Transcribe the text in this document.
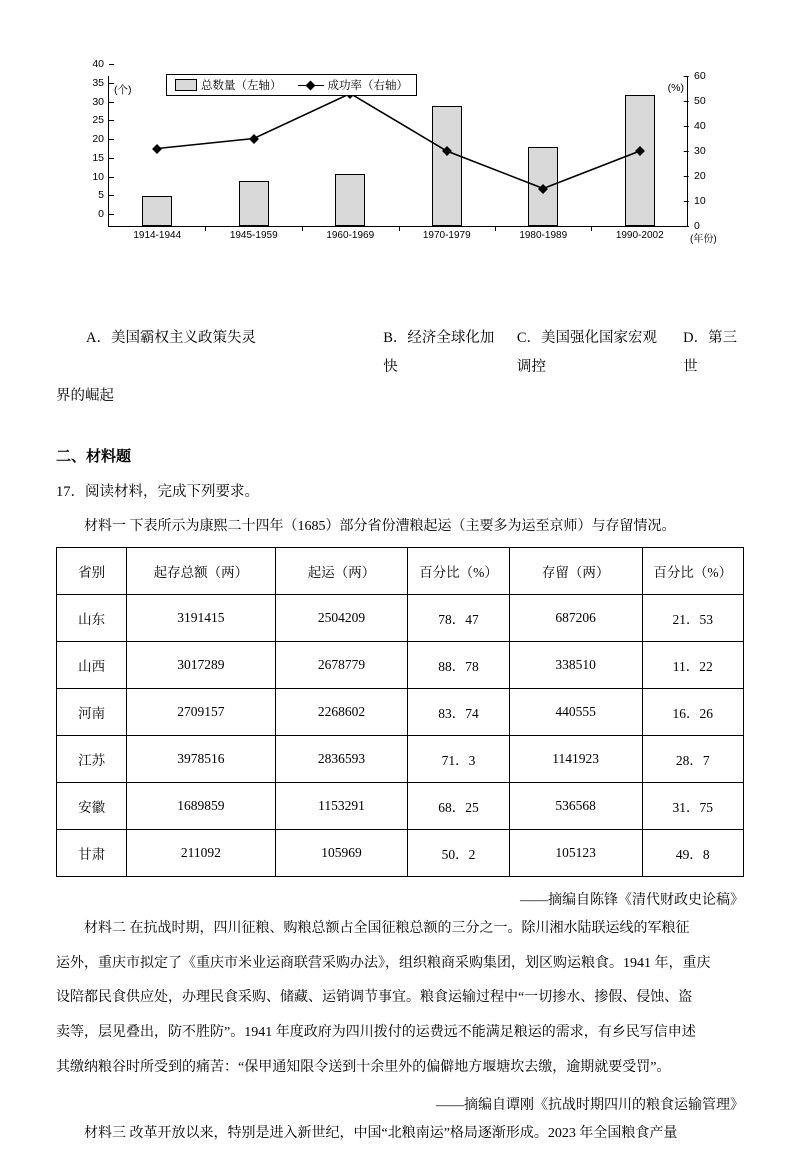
总数量（左轴）	成功率（右轴）
(个)	(%)
0
5
10
15
20
25
30
35
40
0
10
20
30
40
50
60
1914-1944	1945-1959	1960-1969	1970-1979	1980-1989	1990-2002	(年份)
A．美国霸权主义政策失灵	B．经济全球化加快
C．美国强化国家宏观调控
D．第三世
界的崛起
二、材料题
17．阅读材料，完成下列要求。
材料一 下表所示为康熙二十四年（1685）部分省份漕粮起运（主要多为运至京师）与存留情况。
省别	起存总额（两）	起运（两）	百分比（%）	存留（两）	百分比（%）
山东	3191415	2504209	78．47	687206	21．53
山西	3017289	2678779	88．78	338510	11．22
河南	2709157	2268602	83．74	440555	16．26
江苏	3978516	2836593	71．3	1141923	28．7
安徽	1689859	1153291	68．25	536568	31．75
甘肃	211092	105969	50．2	105123	49．8
——摘编自陈锋《清代财政史论稿》
材料二 在抗战时期，四川征粮、购粮总额占全国征粮总额的三分之一。除川湘水陆联运线的军粮征
运外，重庆市拟定了《重庆市米业运商联营采购办法》，组织粮商采购集团，划区购运粮食。1941 年，重庆
设陪都民食供应处，办理民食采购、储藏、运销调节事宜。粮食运输过程中“一切掺水、掺假、侵蚀、盗
卖等，层见叠出，防不胜防”。1941 年度政府为四川拨付的运费远不能满足粮运的需求，有乡民写信申述
其缴纳粮谷时所受到的痛苦：“保甲通知限令送到十余里外的偏僻地方堰塘坎去缴，逾期就要受罚”。
——摘编自谭刚《抗战时期四川的粮食运输管理》
材料三 改革开放以来，特别是进入新世纪，中国“北粮南运”格局逐渐形成。2023 年全国粮食产量
